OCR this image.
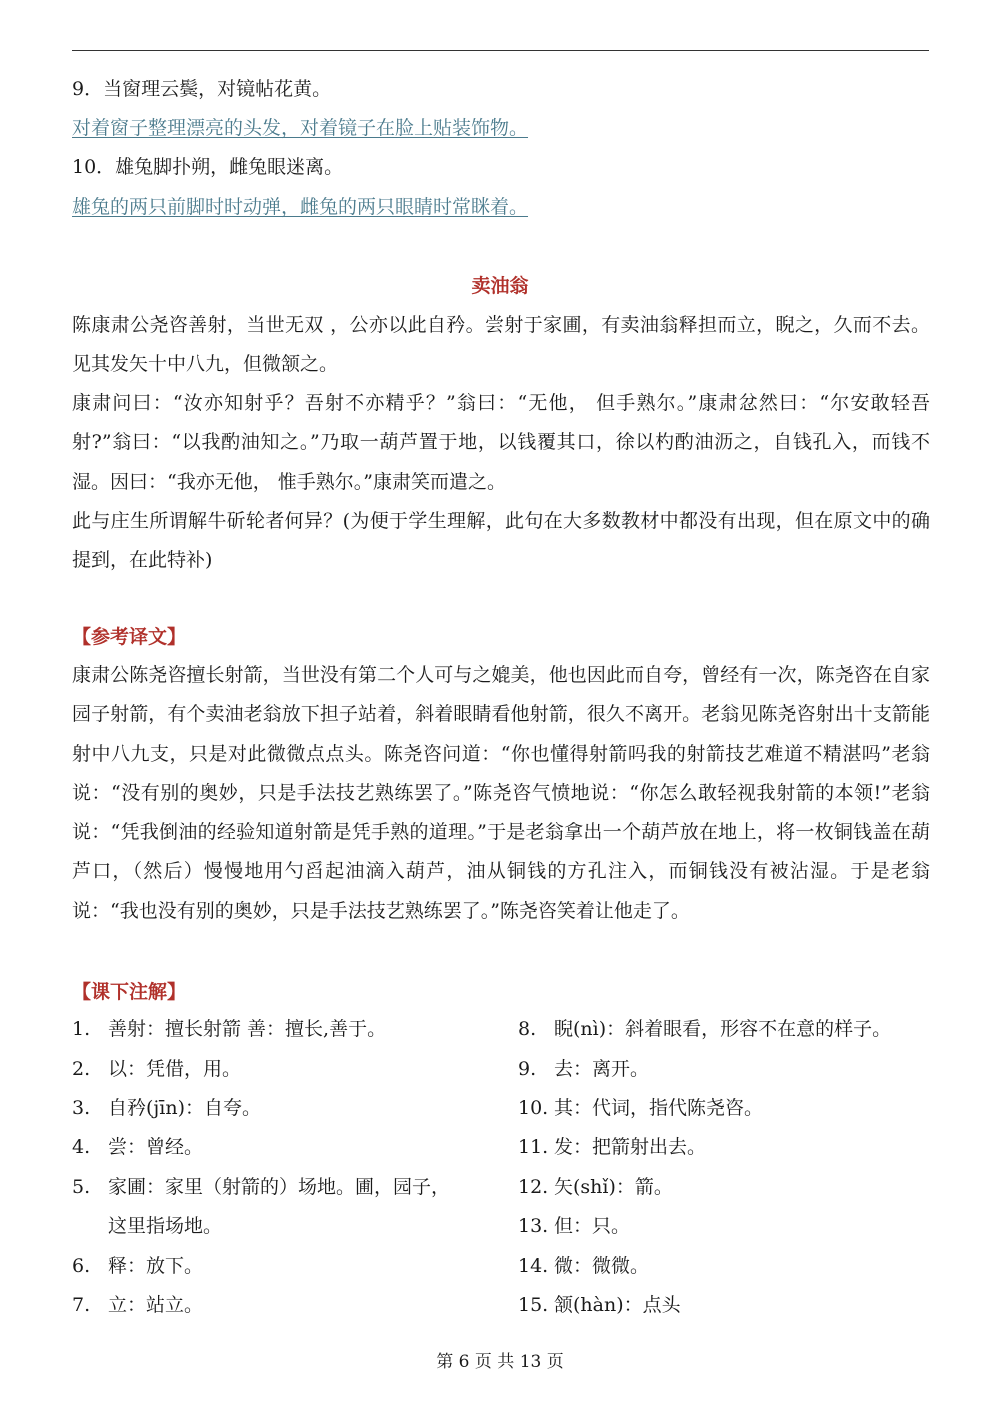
9．当窗理云鬓，对镜帖花黄。
对着窗子整理漂亮的头发，对着镜子在脸上贴装饰物。
10．雄兔脚扑朔，雌兔眼迷离。
雄兔的两只前脚时时动弹，雌兔的两只眼睛时常眯着。
卖油翁
陈康肃公尧咨善射，当世无双 ，公亦以此自矜。尝射于家圃，有卖油翁释担而立，睨之，久而不去。见其发矢十中八九，但微颔之。
康肃问曰：“汝亦知射乎？吾射不亦精乎？”翁曰：“无他， 但手熟尔。”康肃忿然曰：“尔安敢轻吾射?”翁曰：“以我酌油知之。”乃取一葫芦置于地，以钱覆其口，徐以杓酌油沥之，自钱孔入，而钱不湿。因曰：“我亦无他， 惟手熟尔。”康肃笑而遣之。
此与庄生所谓解牛斫轮者何异？(为便于学生理解，此句在大多数教材中都没有出现，但在原文中的确提到，在此特补)
【参考译文】
康肃公陈尧咨擅长射箭，当世没有第二个人可与之媲美，他也因此而自夸，曾经有一次，陈尧咨在自家园子射箭，有个卖油老翁放下担子站着，斜着眼睛看他射箭，很久不离开。老翁见陈尧咨射出十支箭能射中八九支，只是对此微微点点头。陈尧咨问道：“你也懂得射箭吗我的射箭技艺难道不精湛吗”老翁说：“没有别的奥妙，只是手法技艺熟练罢了。”陈尧咨气愤地说：“你怎么敢轻视我射箭的本领!”老翁说：“凭我倒油的经验知道射箭是凭手熟的道理。”于是老翁拿出一个葫芦放在地上，将一枚铜钱盖在葫芦口，（然后）慢慢地用勺舀起油滴入葫芦，油从铜钱的方孔注入，而铜钱没有被沾湿。于是老翁说：“我也没有别的奥妙，只是手法技艺熟练罢了。”陈尧咨笑着让他走了。
【课下注解】
1. 善射：擅长射箭 善：擅长,善于。
2. 以：凭借，用。
3. 自矜(jīn)：自夸。
4. 尝：曾经。
5. 家圃：家里（射箭的）场地。圃，园子，
这里指场地。
6. 释：放下。
7. 立：站立。
8. 睨(nì)：斜着眼看，形容不在意的样子。
9. 去：离开。
10. 其：代词，指代陈尧咨。
11. 发：把箭射出去。
12. 矢(shǐ)：箭。
13. 但：只。
14. 微：微微。
15. 颔(hàn)：点头
第 6 页 共 13 页
